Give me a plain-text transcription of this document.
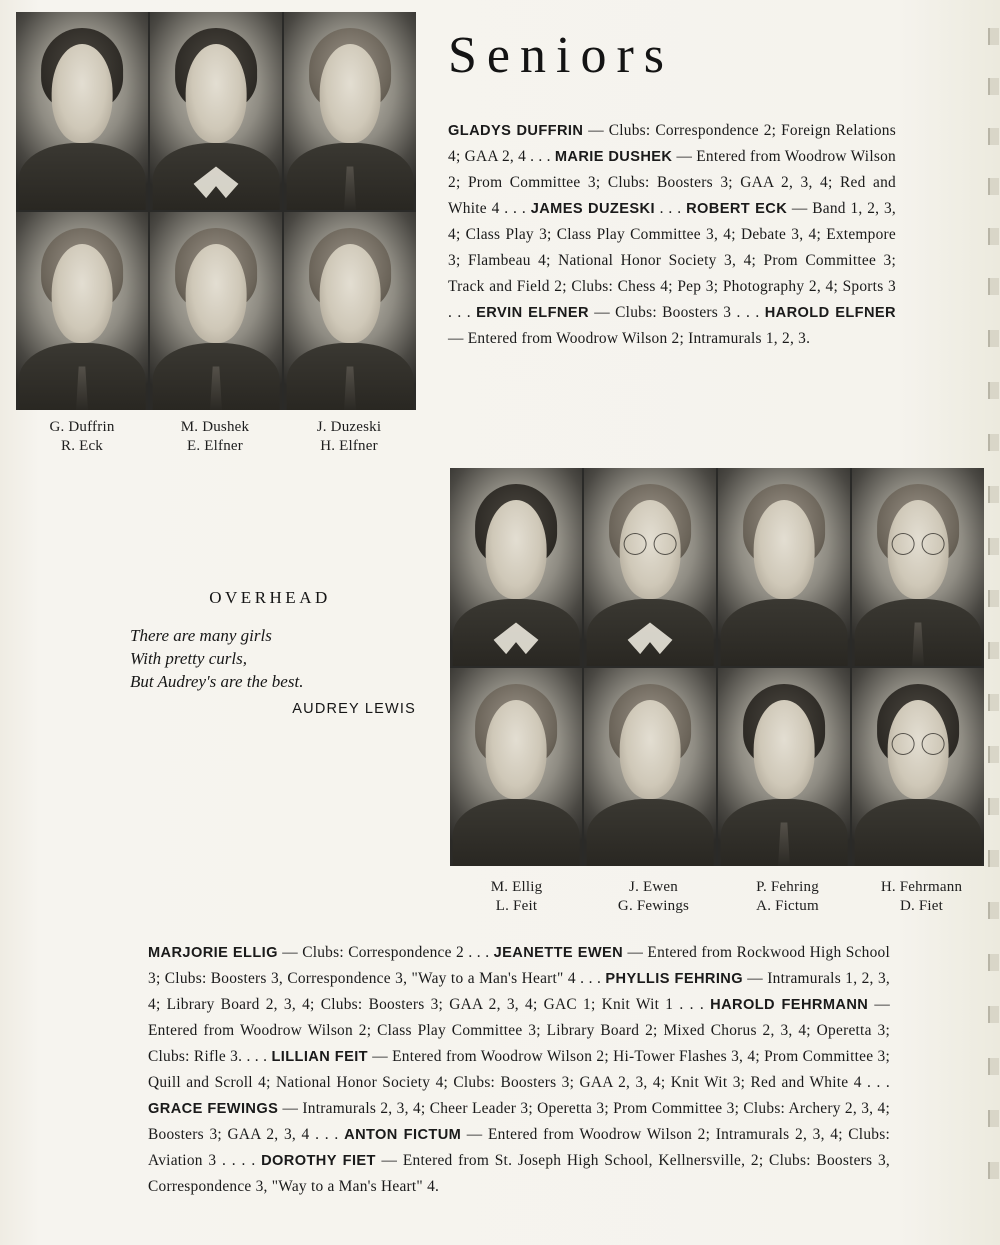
G. Duffrin
R. Eck
M. Dushek
E. Elfner
J. Duzeski
H. Elfner
Seniors
GLADYS DUFFRIN — Clubs: Correspondence 2; Foreign Relations 4; GAA 2, 4 . . . MARIE DUSHEK — Entered from Woodrow Wilson 2; Prom Committee 3; Clubs: Boosters 3; GAA 2, 3, 4; Red and White 4 . . . JAMES DUZESKI . . . ROBERT ECK — Band 1, 2, 3, 4; Class Play 3; Class Play Committee 3, 4; Debate 3, 4; Extempore 3; Flambeau 4; National Honor Society 3, 4; Prom Committee 3; Track and Field 2; Clubs: Chess 4; Pep 3; Photography 2, 4; Sports 3 . . . ERVIN ELFNER — Clubs: Boosters 3 . . . HAROLD ELFNER — Entered from Woodrow Wilson 2; Intramurals 1, 2, 3.
OVERHEAD
There are many girls
With pretty curls,
But Audrey's are the best.
AUDREY LEWIS
M. Ellig
L. Feit
J. Ewen
G. Fewings
P. Fehring
A. Fictum
H. Fehrmann
D. Fiet
MARJORIE ELLIG — Clubs: Correspondence 2 . . . JEANETTE EWEN — Entered from Rockwood High School 3; Clubs: Boosters 3, Correspondence 3, "Way to a Man's Heart" 4 . . . PHYLLIS FEHRING — Intramurals 1, 2, 3, 4; Library Board 2, 3, 4; Clubs: Boosters 3; GAA 2, 3, 4; GAC 1; Knit Wit 1 . . . HAROLD FEHRMANN — Entered from Woodrow Wilson 2; Class Play Committee 3; Library Board 2; Mixed Chorus 2, 3, 4; Operetta 3; Clubs: Rifle 3. . . . LILLIAN FEIT — Entered from Woodrow Wilson 2; Hi-Tower Flashes 3, 4; Prom Committee 3; Quill and Scroll 4; National Honor Society 4; Clubs: Boosters 3; GAA 2, 3, 4; Knit Wit 3; Red and White 4 . . . GRACE FEWINGS — Intramurals 2, 3, 4; Cheer Leader 3; Operetta 3; Prom Committee 3; Clubs: Archery 2, 3, 4; Boosters 3; GAA 2, 3, 4 . . . ANTON FICTUM — Entered from Woodrow Wilson 2; Intramurals 2, 3, 4; Clubs: Aviation 3 . . . . DOROTHY FIET — Entered from St. Joseph High School, Kellnersville, 2; Clubs: Boosters 3, Correspondence 3, "Way to a Man's Heart" 4.
